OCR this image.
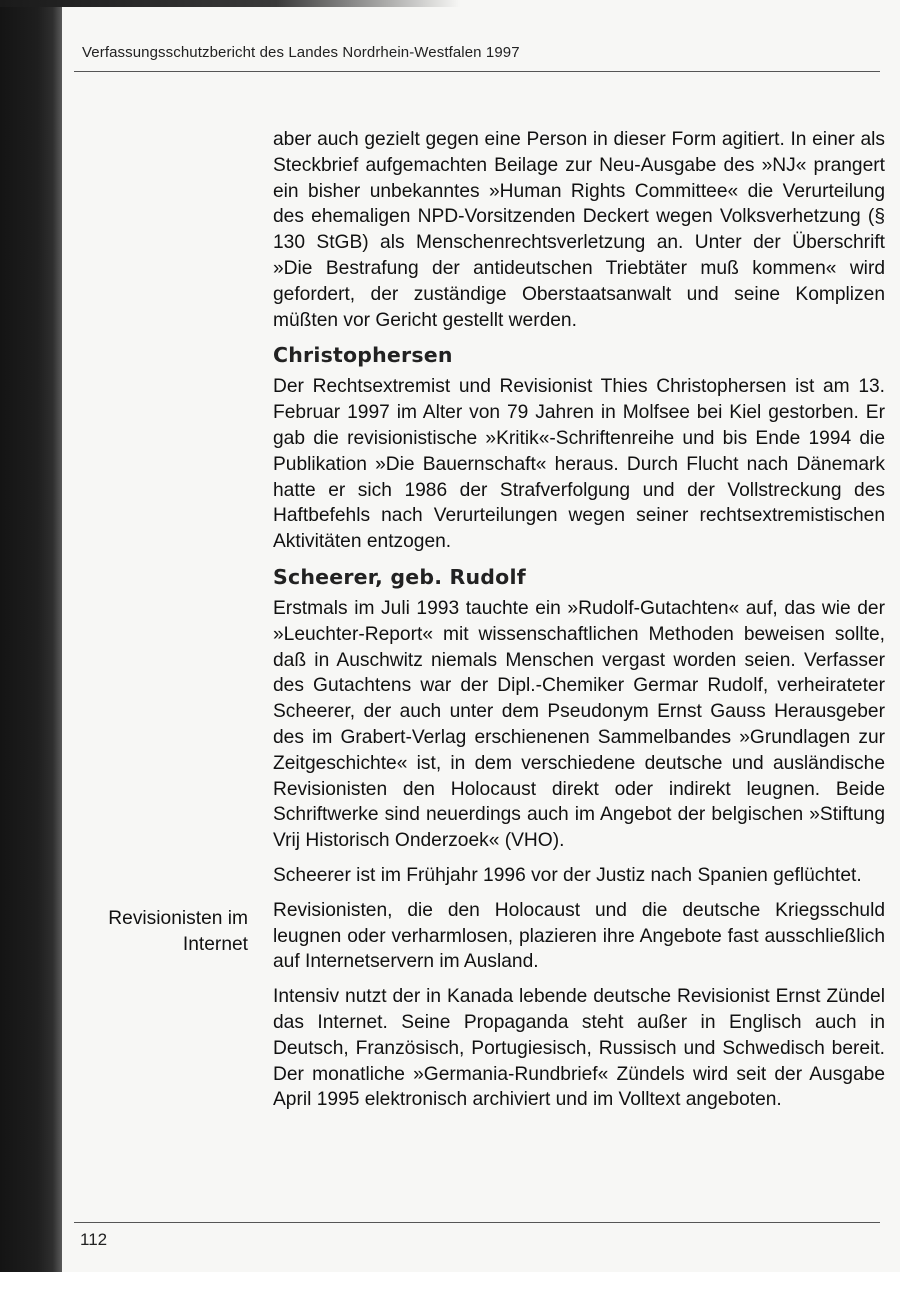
Verfassungsschutzbericht des Landes Nordrhein-Westfalen 1997
Revisionisten im
Internet

aber auch gezielt gegen eine Person in dieser Form agitiert. In einer als Steckbrief aufgemachten Beilage zur Neu-Ausgabe des »NJ« prangert ein bisher unbekanntes »Human Rights Committee« die Verurteilung des ehemaligen NPD-Vorsitzenden Deckert wegen Volksverhetzung (§ 130 StGB) als Menschenrechtsverletzung an. Unter der Überschrift »Die Bestrafung der antideutschen Triebtäter muß kommen« wird gefordert, der zuständige Oberstaatsanwalt und seine Komplizen müßten vor Gericht gestellt werden.

Christophersen

Der Rechtsextremist und Revisionist Thies Christophersen ist am 13. Februar 1997 im Alter von 79 Jahren in Molfsee bei Kiel gestorben. Er gab die revisionistische »Kritik«-Schriftenreihe und bis Ende 1994 die Publikation »Die Bauernschaft« heraus. Durch Flucht nach Dänemark hatte er sich 1986 der Strafverfolgung und der Vollstreckung des Haftbefehls nach Verurteilungen wegen seiner rechtsextremistischen Aktivitäten entzogen.

Scheerer, geb. Rudolf

Erstmals im Juli 1993 tauchte ein »Rudolf-Gutachten« auf, das wie der »Leuchter-Report« mit wissenschaftlichen Methoden beweisen sollte, daß in Auschwitz niemals Menschen vergast worden seien. Verfasser des Gutachtens war der Dipl.-Chemiker Germar Rudolf, verheirateter Scheerer, der auch unter dem Pseudonym Ernst Gauss Herausgeber des im Grabert-Verlag erschienenen Sammelbandes »Grundlagen zur Zeitgeschichte« ist, in dem verschiedene deutsche und ausländische Revisionisten den Holocaust direkt oder indirekt leugnen. Beide Schriftwerke sind neuerdings auch im Angebot der belgischen »Stiftung Vrij Historisch Onderzoek« (VHO).

Scheerer ist im Frühjahr 1996 vor der Justiz nach Spanien geflüchtet.

Revisionisten, die den Holocaust und die deutsche Kriegsschuld leugnen oder verharmlosen, plazieren ihre Angebote fast ausschließlich auf Internetservern im Ausland.

Intensiv nutzt der in Kanada lebende deutsche Revisionist Ernst Zündel das Internet. Seine Propaganda steht außer in Englisch auch in Deutsch, Französisch, Portugiesisch, Russisch und Schwedisch bereit. Der monatliche »Germania-Rundbrief« Zündels wird seit der Ausgabe April 1995 elektronisch archiviert und im Volltext angeboten.

112
